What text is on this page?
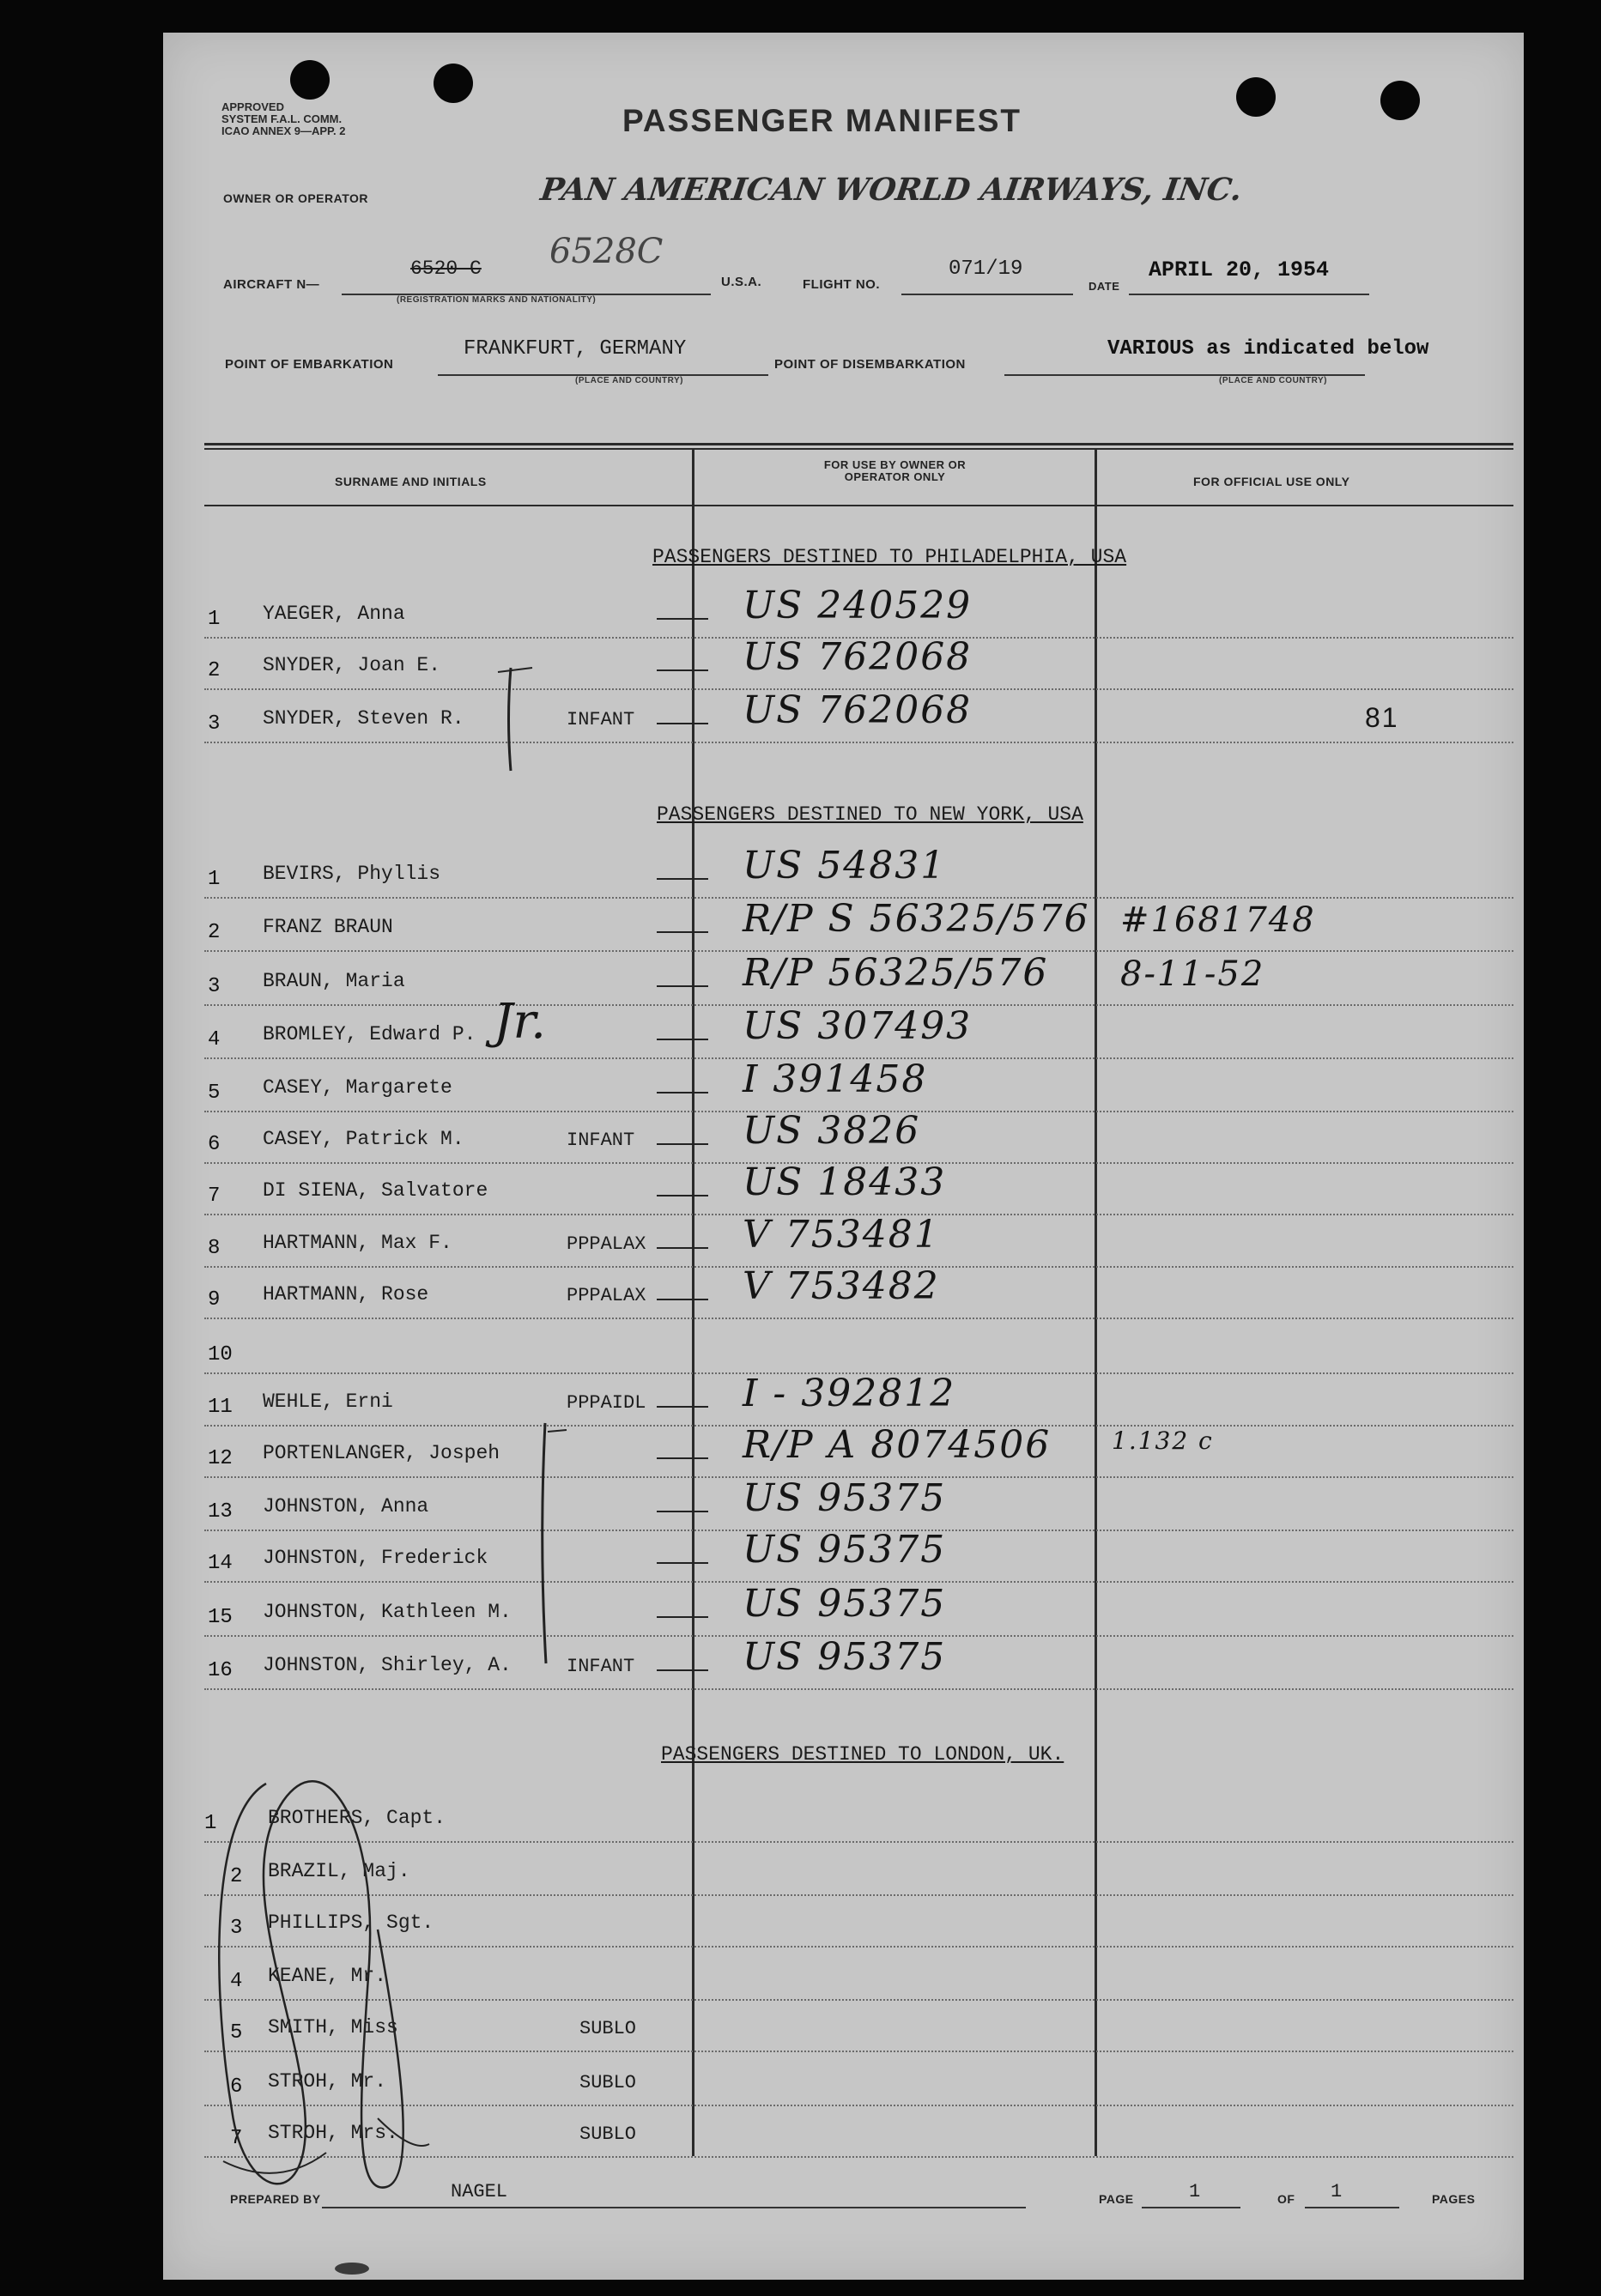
APPROVED
SYSTEM F.A.L. COMM.
ICAO ANNEX 9—APP. 2	PASSENGER MANIFEST
OWNER OR OPERATOR	PAN AMERICAN WORLD AIRWAYS, INC.
AIRCRAFT N—
6520 C 6528C
(REGISTRATION MARKS AND NATIONALITY)
U.S.A.	FLIGHT NO.
071/19
DATE
APRIL 20, 1954
POINT OF EMBARKATION
FRANKFURT, GERMANY
(PLACE AND COUNTRY)
POINT OF DISEMBARKATION
VARIOUS as indicated below
(PLACE AND COUNTRY)
SURNAME AND INITIALS
FOR USE BY OWNER OR OPERATOR ONLY	FOR OFFICIAL USE ONLY
PASSENGERS DESTINED TO PHILADELPHIA, USA
1 YAEGER, Anna	US 240529
2 SNYDER, Joan E.	US 762068
3 SNYDER, Steven R.	INFANT	US 762068	81
PASSENGERS DESTINED TO NEW YORK, USA
1 BEVIRS, Phyllis	US 54831
2 FRANZ BRAUN	R/P S 56325/576 #1681748
3 BRAUN, Maria	R/P 56325/576 8-11-52
4 BROMLEY, Edward P.	US 307493
5 CASEY, Margarete	I 391458
6 CASEY, Patrick M.	INFANT	US 3826
7 DI SIENA, Salvatore	US 18433
8 HARTMANN, Max F.	PPPALAX	V 753481
9 HARTMANN, Rose	PPPALAX	V 753482
10
11 WEHLE, Erni	PPPAIDL	I - 392812
12 PORTENLANGER, Jospeh	R/P A 8074506	1.132 c
13 JOHNSTON, Anna	US 95375
14 JOHNSTON, Frederick	US 95375
15 JOHNSTON, Kathleen M.	US 95375
16 JOHNSTON, Shirley, A.	INFANT	US 95375
PASSENGERS DESTINED TO LONDON, UK.
1	BROTHERS, Capt.
2 BRAZIL, Maj.
3 PHILLIPS, Sgt.
4 KEANE, Mr.
5 SMITH, Miss	SUBLO
6 STROH, Mr.	SUBLO
7 STROH, Mrs.	SUBLO
Jr.
PREPARED BY	NAGEL	PAGE	1	OF 1	PAGES
